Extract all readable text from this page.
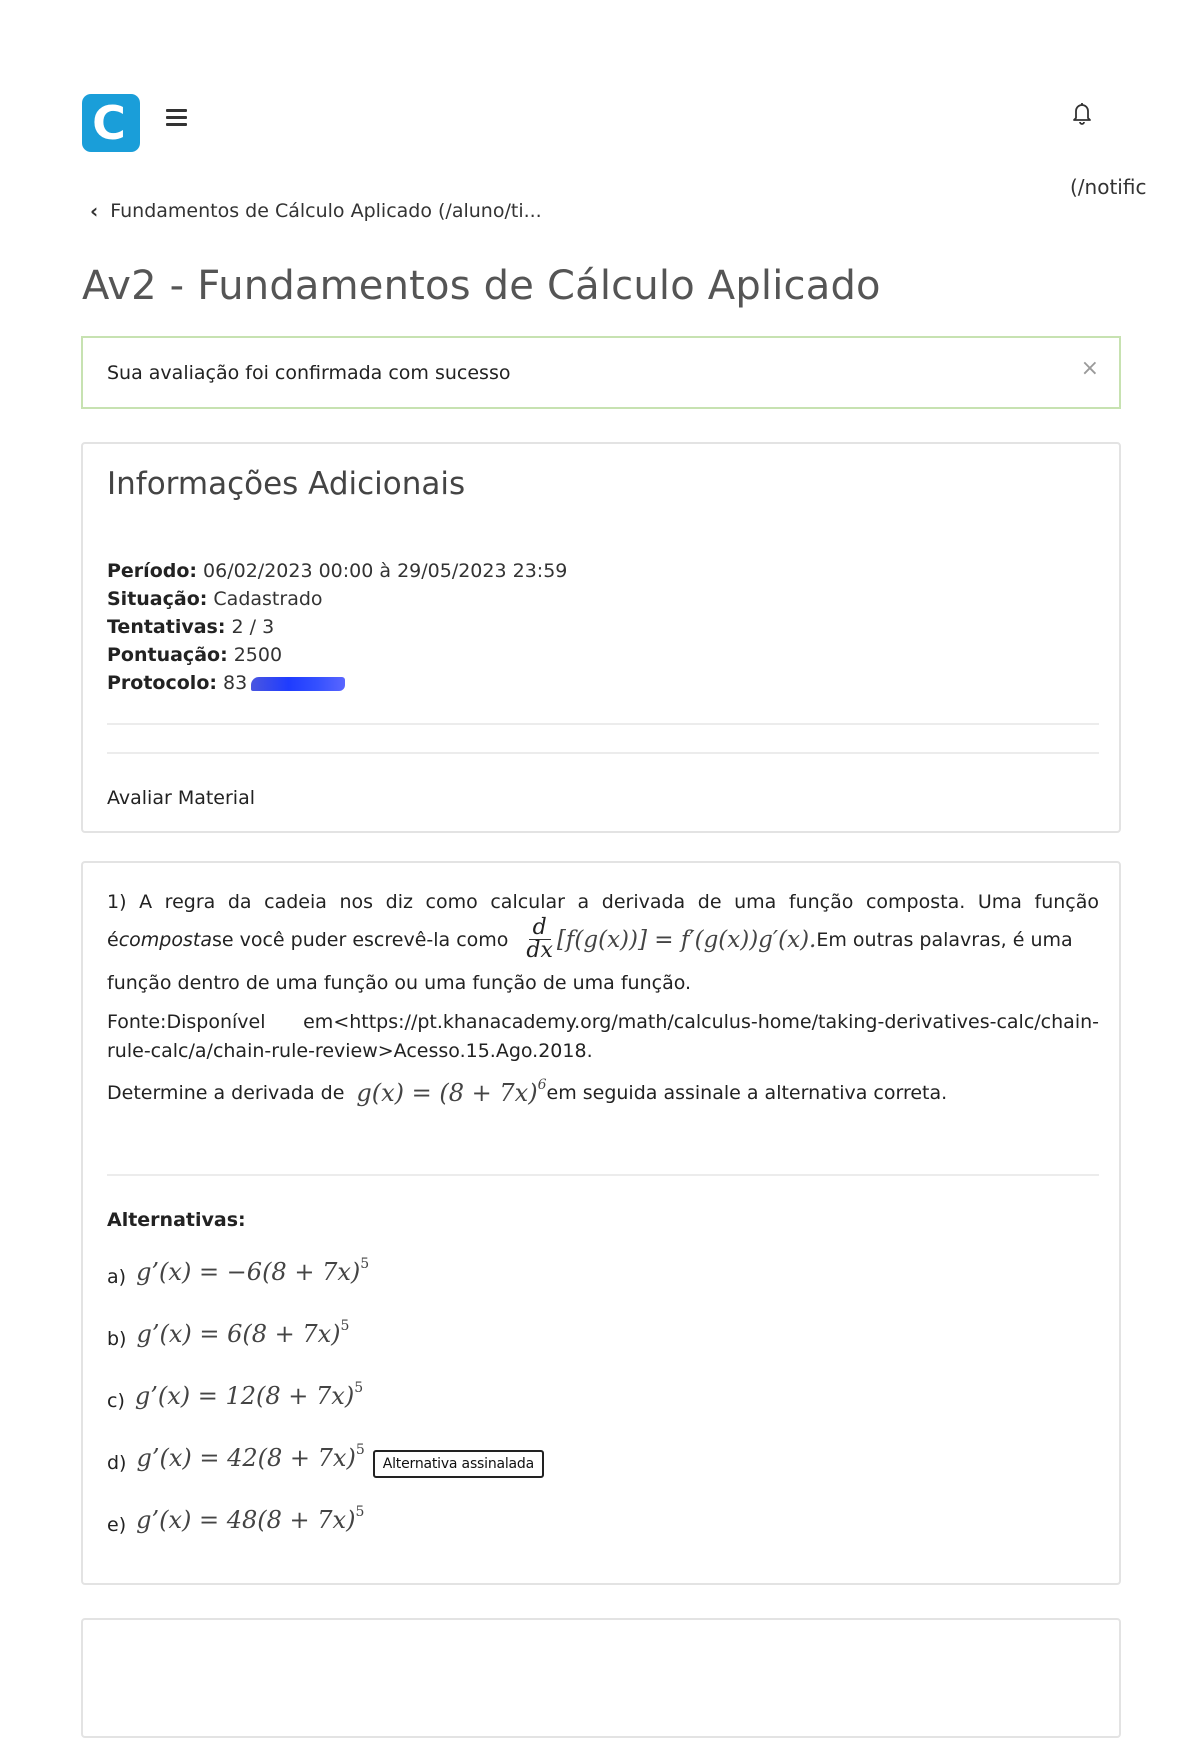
C
(/notific
‹ Fundamentos de Cálculo Aplicado (/aluno/ti...
Av2 - Fundamentos de Cálculo Aplicado
Sua avaliação foi confirmada com sucesso	×
Informações Adicionais
Período: 06/02/2023 00:00 à 29/05/2023 23:59
Situação: Cadastrado
Tentativas: 2 / 3
Pontuação: 2500
Protocolo: 83
Avaliar Material
1) A regra da cadeia nos diz como calcular a derivada de uma função composta. Uma função
é composta se você puder escrevê-la como $\frac{d}{dx} [f(g(x))] = f'(g(x))g'(x)$. Em outras palavras, é uma
função dentro de uma função ou uma função de uma função.
Fonte:Disponível em<https://pt.khanacademy.org/math/calculus-home/taking-derivatives-calc/chain-rule-calc/a/chain-rule-review>Acesso.15.Ago.2018.
Determine a derivada de $g(x) = (8 + 7x)^6$ em seguida assinale a alternativa correta.
Alternativas:
a) g’(x) = $-6(8 + 7x)^5$
b) g’(x) = $6(8 + 7x)^5$
c) g’(x) = $12(8 + 7x)^5$
d) g’(x) = $42(8 + 7x)^5$
Alternativa assinalada
e) g’(x) = $48(8 + 7x)^5$
